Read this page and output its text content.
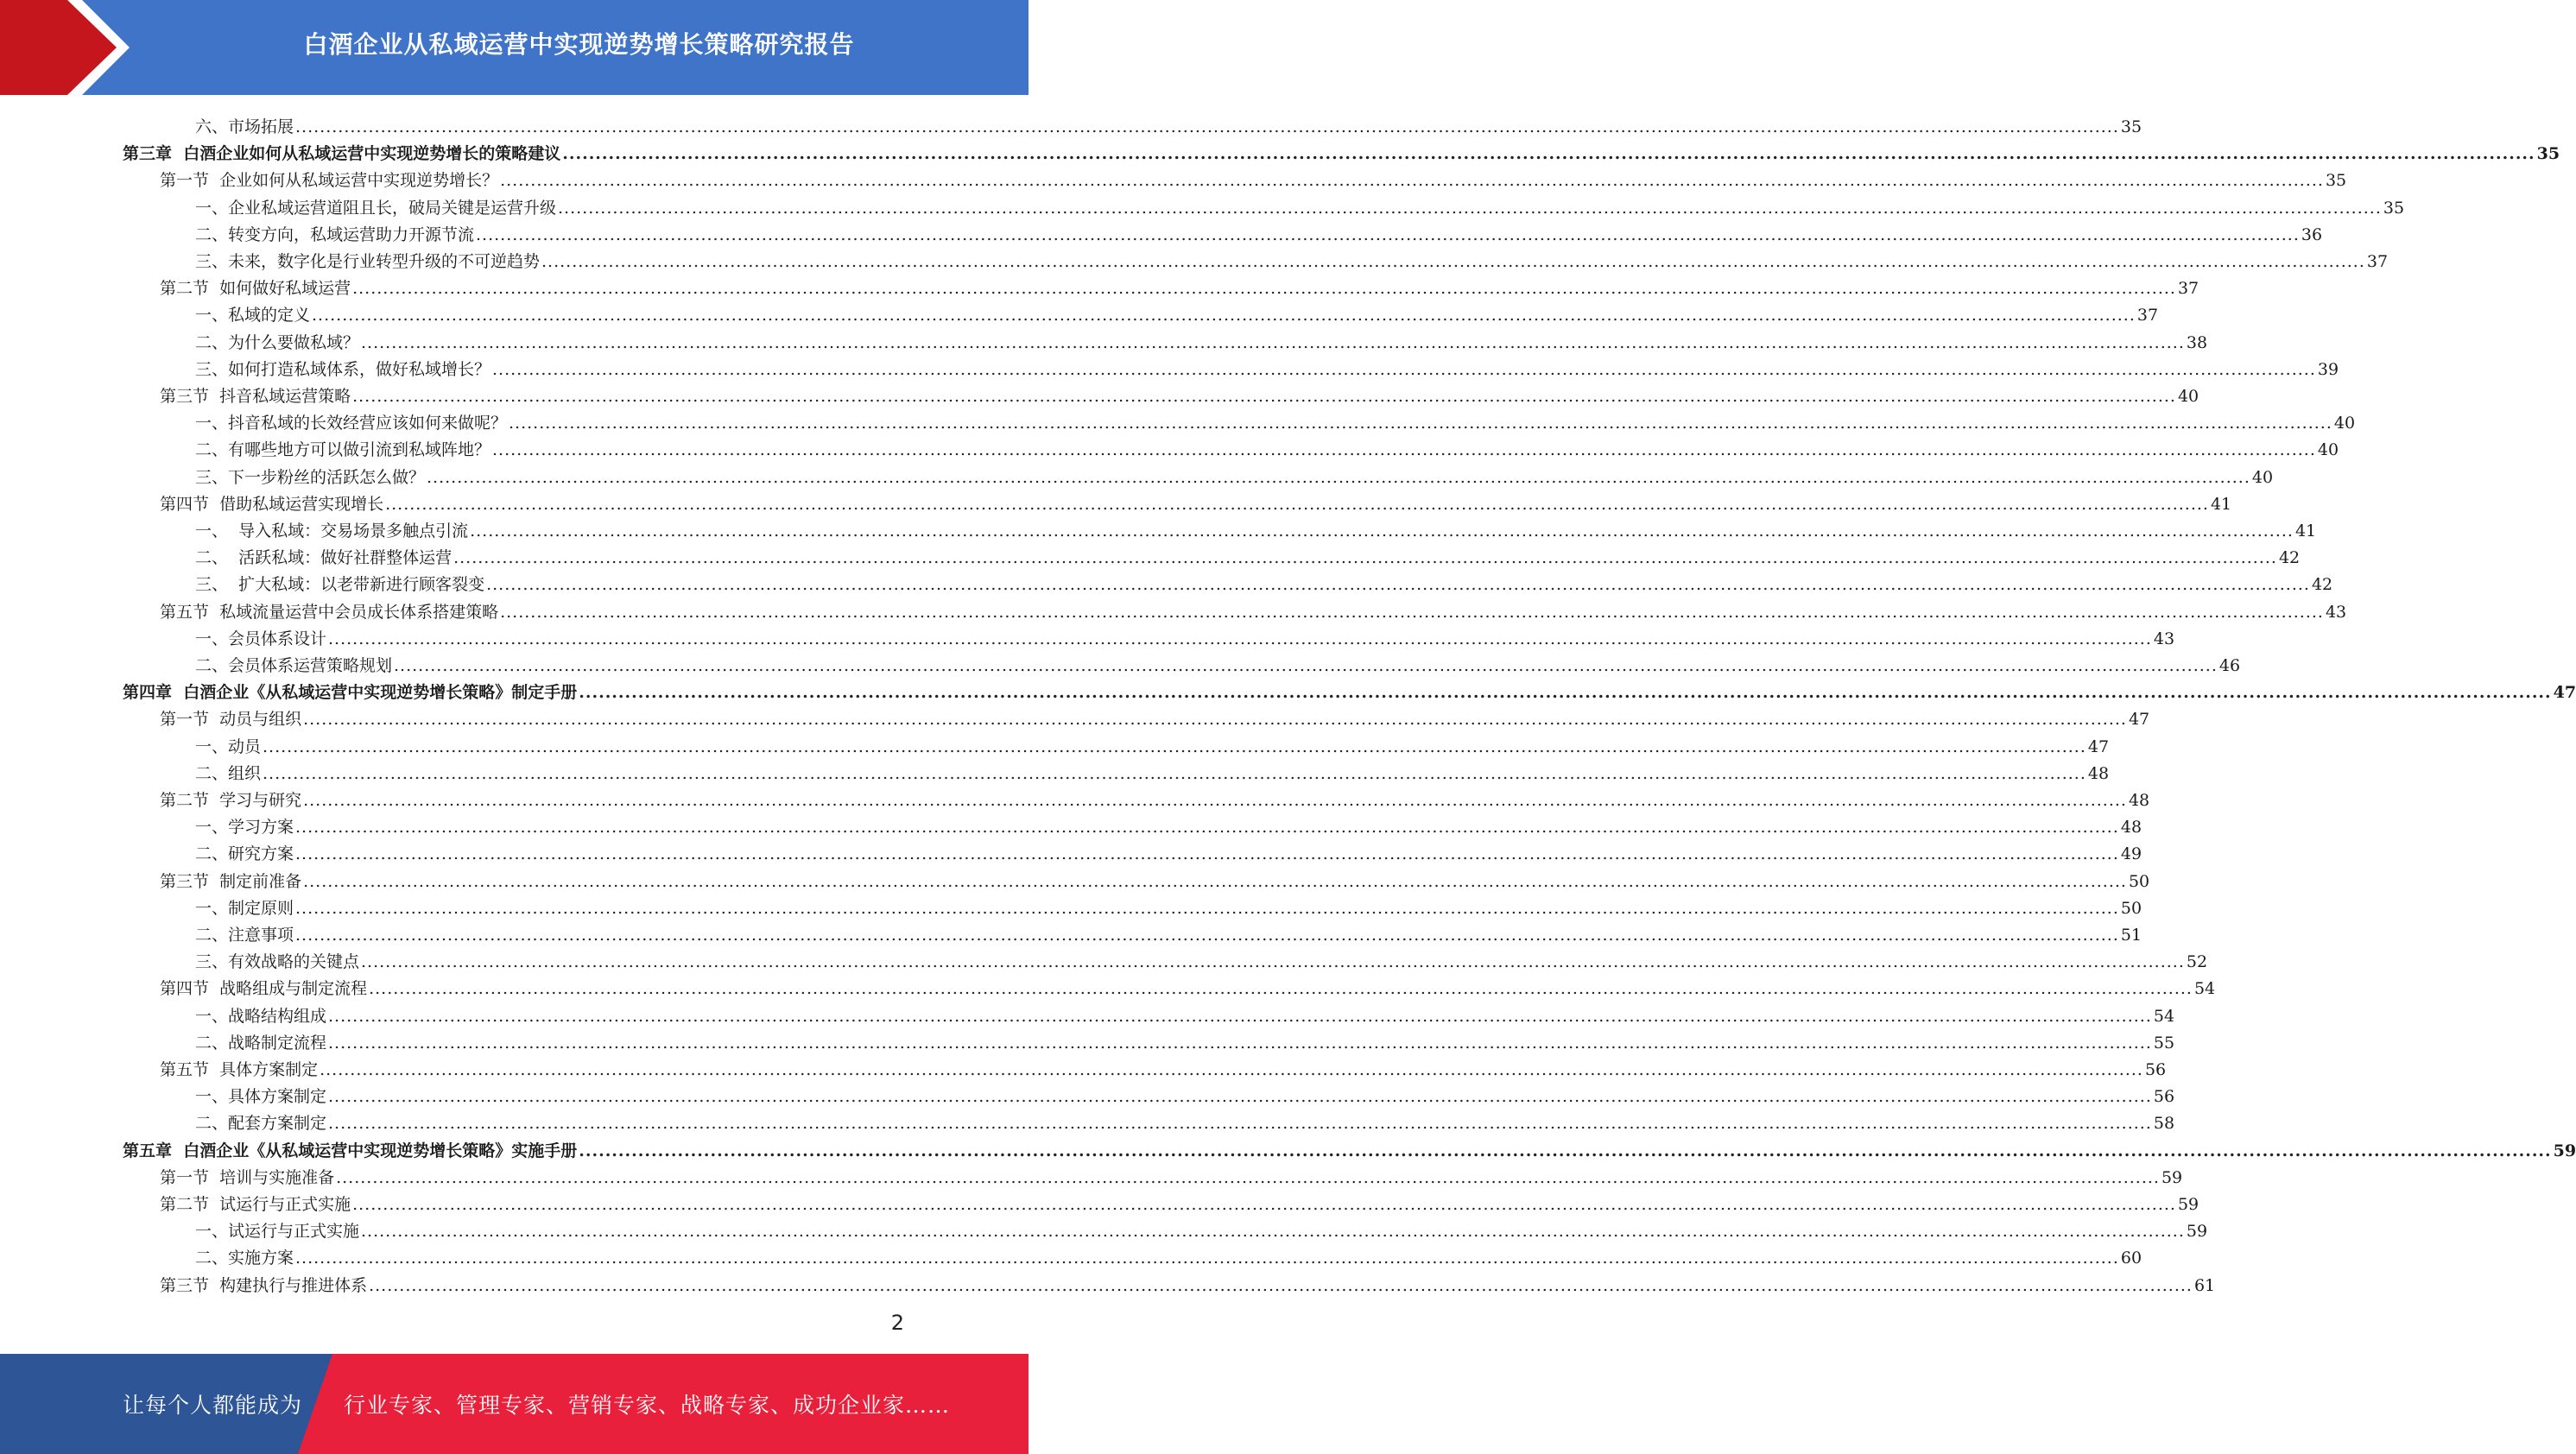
白酒企业从私域运营中实现逆势增长策略研究报告
六、市场拓展 ............................................................................................................................................................................................................................................................................................................ 35
第三章  白酒企业如何从私域运营中实现逆势增长的策略建议 ............................................................................................................................................................................................................................................................................................................ 35
第一节  企业如何从私域运营中实现逆势增长？ ............................................................................................................................................................................................................................................................................................................ 35
一、企业私域运营道阻且长，破局关键是运营升级 ............................................................................................................................................................................................................................................................................................................ 35
二、转变方向，私域运营助力开源节流 ............................................................................................................................................................................................................................................................................................................ 36
三、未来，数字化是行业转型升级的不可逆趋势 ............................................................................................................................................................................................................................................................................................................ 37
第二节  如何做好私域运营 ............................................................................................................................................................................................................................................................................................................ 37
一、私域的定义 ............................................................................................................................................................................................................................................................................................................ 37
二、为什么要做私域？ ............................................................................................................................................................................................................................................................................................................ 38
三、如何打造私域体系，做好私域增长？ ............................................................................................................................................................................................................................................................................................................ 39
第三节  抖音私域运营策略 ............................................................................................................................................................................................................................................................................................................ 40
一、抖音私域的长效经营应该如何来做呢？ ............................................................................................................................................................................................................................................................................................................ 40
二、有哪些地方可以做引流到私域阵地？ ............................................................................................................................................................................................................................................................................................................ 40
三、下一步粉丝的活跃怎么做？ ............................................................................................................................................................................................................................................................................................................ 40
第四节  借助私域运营实现增长 ............................................................................................................................................................................................................................................................................................................ 41
一、  导入私域：交易场景多触点引流 ............................................................................................................................................................................................................................................................................................................ 41
二、  活跃私域：做好社群整体运营 ............................................................................................................................................................................................................................................................................................................ 42
三、  扩大私域：以老带新进行顾客裂变 ............................................................................................................................................................................................................................................................................................................ 42
第五节  私域流量运营中会员成长体系搭建策略 ............................................................................................................................................................................................................................................................................................................ 43
一、会员体系设计 ............................................................................................................................................................................................................................................................................................................ 43
二、会员体系运营策略规划 ............................................................................................................................................................................................................................................................................................................ 46
第四章  白酒企业《从私域运营中实现逆势增长策略》制定手册 ............................................................................................................................................................................................................................................................................................................ 47
第一节  动员与组织 ............................................................................................................................................................................................................................................................................................................ 47
一、动员 ............................................................................................................................................................................................................................................................................................................ 47
二、组织 ............................................................................................................................................................................................................................................................................................................ 48
第二节  学习与研究 ............................................................................................................................................................................................................................................................................................................ 48
一、学习方案 ............................................................................................................................................................................................................................................................................................................ 48
二、研究方案 ............................................................................................................................................................................................................................................................................................................ 49
第三节  制定前准备 ............................................................................................................................................................................................................................................................................................................ 50
一、制定原则 ............................................................................................................................................................................................................................................................................................................ 50
二、注意事项 ............................................................................................................................................................................................................................................................................................................ 51
三、有效战略的关键点 ............................................................................................................................................................................................................................................................................................................ 52
第四节  战略组成与制定流程 ............................................................................................................................................................................................................................................................................................................ 54
一、战略结构组成 ............................................................................................................................................................................................................................................................................................................ 54
二、战略制定流程 ............................................................................................................................................................................................................................................................................................................ 55
第五节  具体方案制定 ............................................................................................................................................................................................................................................................................................................ 56
一、具体方案制定 ............................................................................................................................................................................................................................................................................................................ 56
二、配套方案制定 ............................................................................................................................................................................................................................................................................................................ 58
第五章  白酒企业《从私域运营中实现逆势增长策略》实施手册 ............................................................................................................................................................................................................................................................................................................ 59
第一节  培训与实施准备 ............................................................................................................................................................................................................................................................................................................ 59
第二节  试运行与正式实施 ............................................................................................................................................................................................................................................................................................................ 59
一、试运行与正式实施 ............................................................................................................................................................................................................................................................................................................ 59
二、实施方案 ............................................................................................................................................................................................................................................................................................................ 60
第三节  构建执行与推进体系 ............................................................................................................................................................................................................................................................................................................ 61
2
让每个人都能成为 行业专家、管理专家、营销专家、战略专家、成功企业家……
